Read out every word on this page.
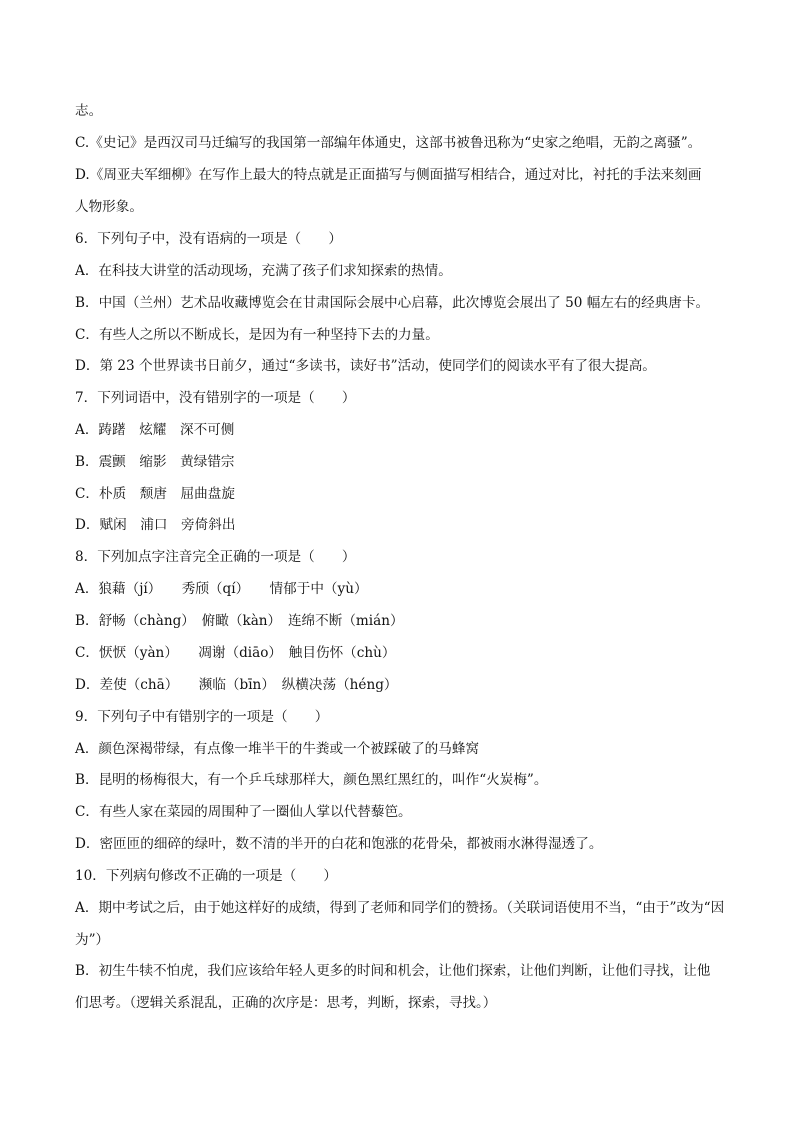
志。
C.《史记》是西汉司马迁编写的我国第一部编年体通史，这部书被鲁迅称为“史家之绝唱，无韵之离骚”。
D.《周亚夫军细柳》在写作上最大的特点就是正面描写与侧面描写相结合，通过对比，衬托的手法来刻画
人物形象。
6．下列句子中，没有语病的一项是（　　）
A．在科技大讲堂的活动现场，充满了孩子们求知探索的热情。
B．中国（兰州）艺术品收藏博览会在甘肃国际会展中心启幕，此次博览会展出了 50 幅左右的经典唐卡。
C．有些人之所以不断成长，是因为有一种坚持下去的力量。
D．第 23 个世界读书日前夕，通过“多读书，读好书”活动，使同学们的阅读水平有了很大提高。
7．下列词语中，没有错别字的一项是（　　）
A．踌躇　炫耀　深不可侧
B．震颤　缩影　黄绿错宗
C．朴质　颓唐　屈曲盘旋
D．赋闲　浦口　旁倚斜出
8．下列加点字注音完全正确的一项是（　　）
A．狼藉（jí）　　秀颀（qí）　　情郁于中（yù）
B．舒畅（chàng）　俯瞰（kàn）　连绵不断（mián）
C．恹恹（yàn）　　凋谢（diāo）　触目伤怀（chù）
D．差使（chā）　　濒临（bīn）　纵横决荡（héng）
9．下列句子中有错别字的一项是（　　）
A．颜色深褐带绿，有点像一堆半干的牛粪或一个被踩破了的马蜂窝
B．昆明的杨梅很大，有一个乒乓球那样大，颜色黑红黑红的，叫作“火炭梅”。
C．有些人家在菜园的周围种了一圈仙人掌以代替藜笆。
D．密匝匝的细碎的绿叶，数不清的半开的白花和饱涨的花骨朵，都被雨水淋得湿透了。
10．下列病句修改不正确的一项是（　　）
A．期中考试之后，由于她这样好的成绩，得到了老师和同学们的赞扬。（关联词语使用不当，“由于”改为“因
为”）
B．初生牛犊不怕虎，我们应该给年轻人更多的时间和机会，让他们探索，让他们判断，让他们寻找，让他
们思考。（逻辑关系混乱，正确的次序是：思考，判断，探索，寻找。）
